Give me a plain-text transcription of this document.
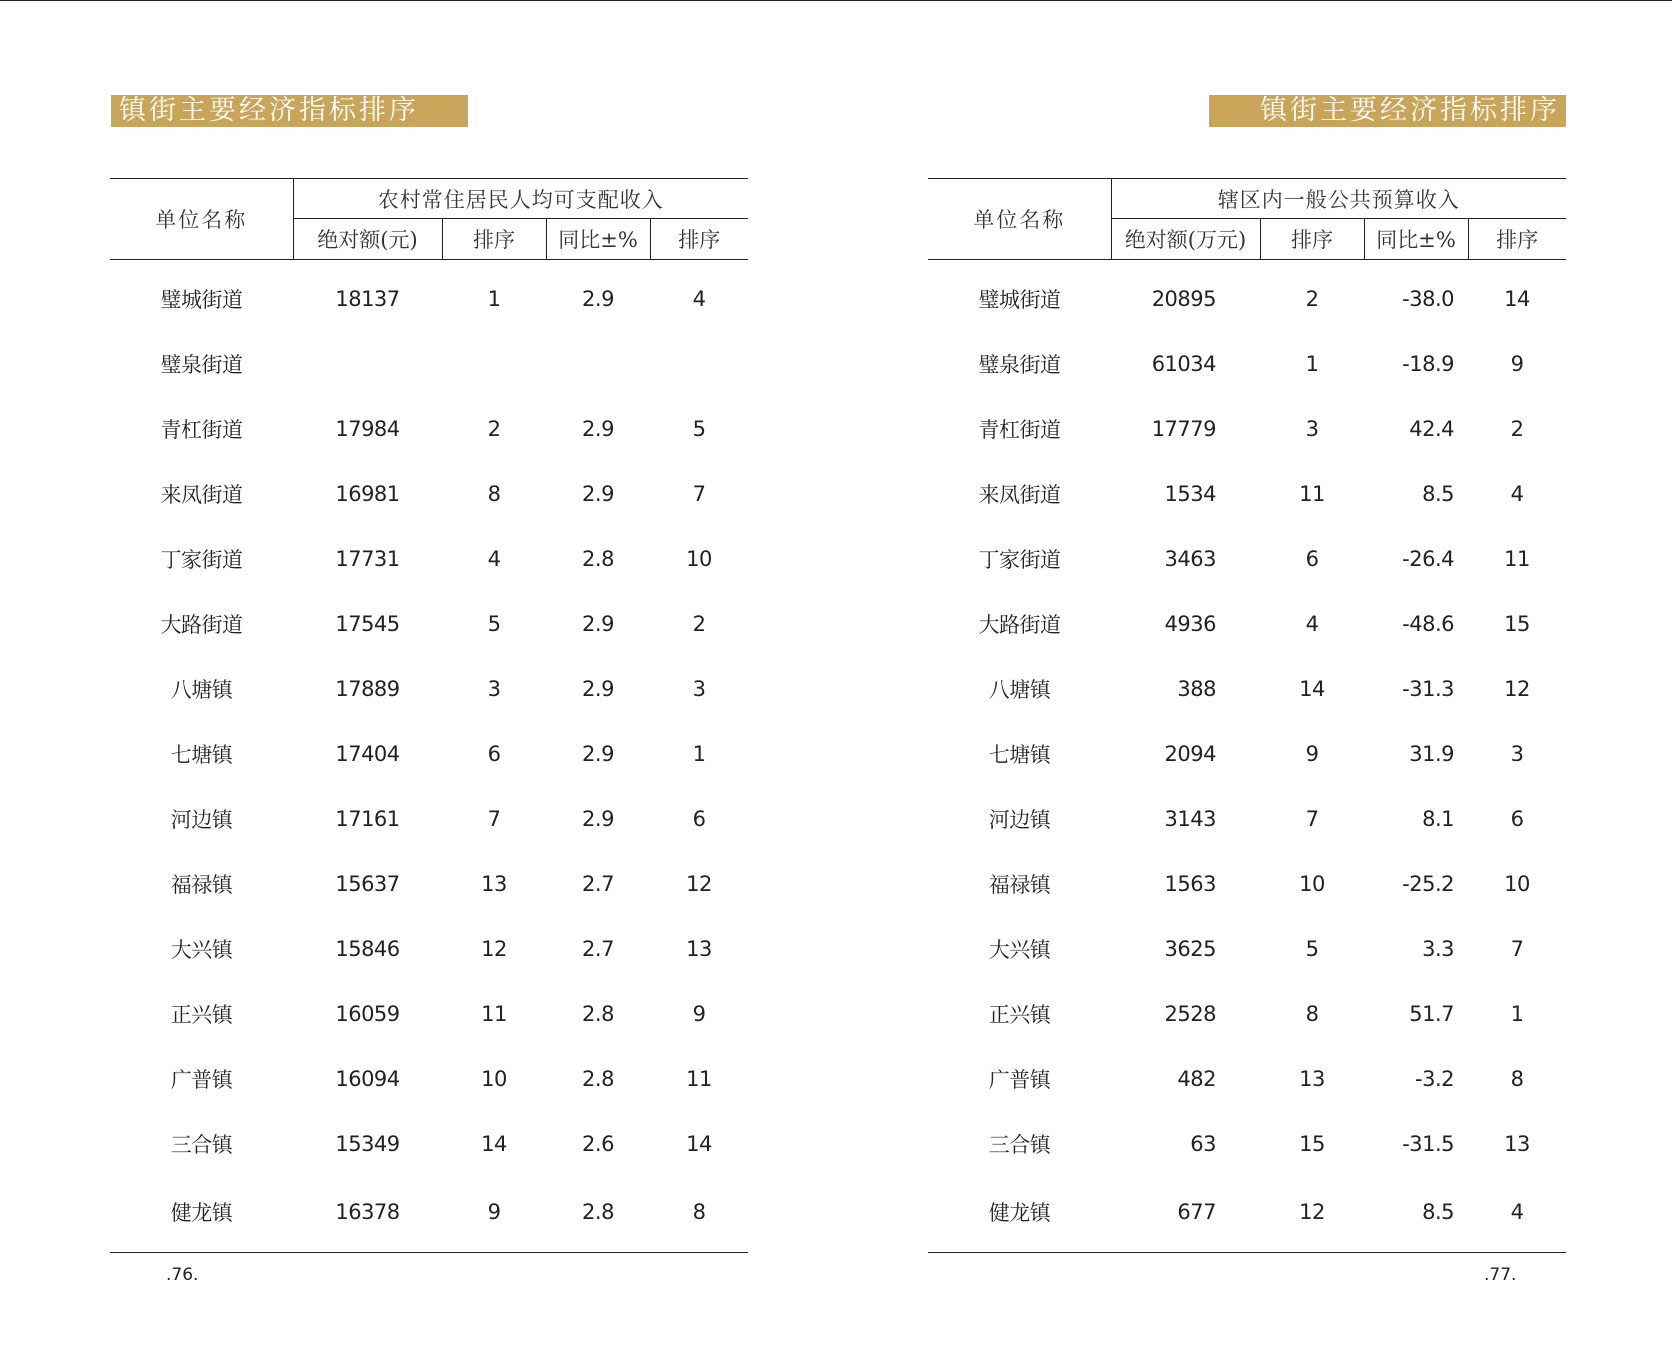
镇街主要经济指标排序
单位名称	农村常住居民人均可支配收入			
	绝对额(元)	排序	同比±%	排序
璧城街道	18137	1	2.9	4
璧泉街道				
青杠街道	17984	2	2.9	5
来凤街道	16981	8	2.9	7
丁家街道	17731	4	2.8	10
大路街道	17545	5	2.9	2
八塘镇	17889	3	2.9	3
七塘镇	17404	6	2.9	1
河边镇	17161	7	2.9	6
福禄镇	15637	13	2.7	12
大兴镇	15846	12	2.7	13
正兴镇	16059	11	2.8	9
广普镇	16094	10	2.8	11
三合镇	15349	14	2.6	14
健龙镇	16378	9	2.8	8
.76.
镇街主要经济指标排序
单位名称	辖区内一般公共预算收入			
	绝对额(万元)	排序	同比±%	排序
璧城街道	20895	2	-38.0	14
璧泉街道	61034	1	-18.9	9
青杠街道	17779	3	42.4	2
来凤街道	1534	11	8.5	4
丁家街道	3463	6	-26.4	11
大路街道	4936	4	-48.6	15
八塘镇	388	14	-31.3	12
七塘镇	2094	9	31.9	3
河边镇	3143	7	8.1	6
福禄镇	1563	10	-25.2	10
大兴镇	3625	5	3.3	7
正兴镇	2528	8	51.7	1
广普镇	482	13	-3.2	8
三合镇	63	15	-31.5	13
健龙镇	677	12	8.5	4
.77.
